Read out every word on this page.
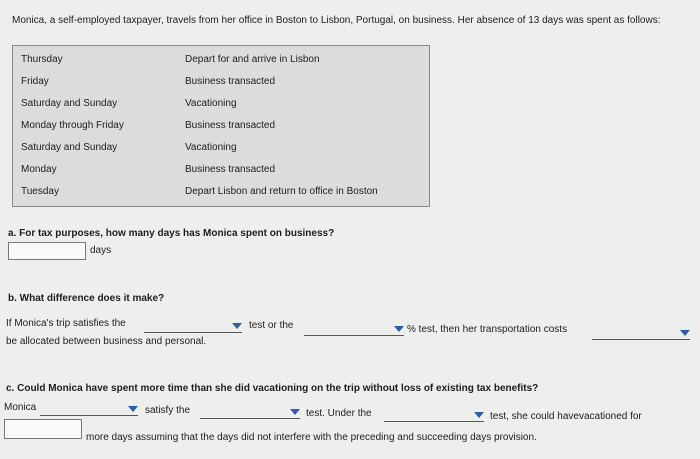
Monica, a self-employed taxpayer, travels from her office in Boston to Lisbon, Portugal, on business. Her absence of 13 days was spent as follows:
Thursday	Depart for and arrive in Lisbon
Friday	Business transacted
Saturday and Sunday	Vacationing
Monday through Friday	Business transacted
Saturday and Sunday	Vacationing
Monday	Business transacted
Tuesday	Depart Lisbon and return to office in Boston
a. For tax purposes, how many days has Monica spent on business?
days
b. What difference does it make?
If Monica's trip satisfies the	test or the	% test, then her transportation costs
be allocated between business and personal.
c. Could Monica have spent more time than she did vacationing on the trip without loss of existing tax benefits?
Monica	satisfy the	test. Under the	test, she could havevacationed for
more days assuming that the days did not interfere with the preceding and succeeding days provision.
